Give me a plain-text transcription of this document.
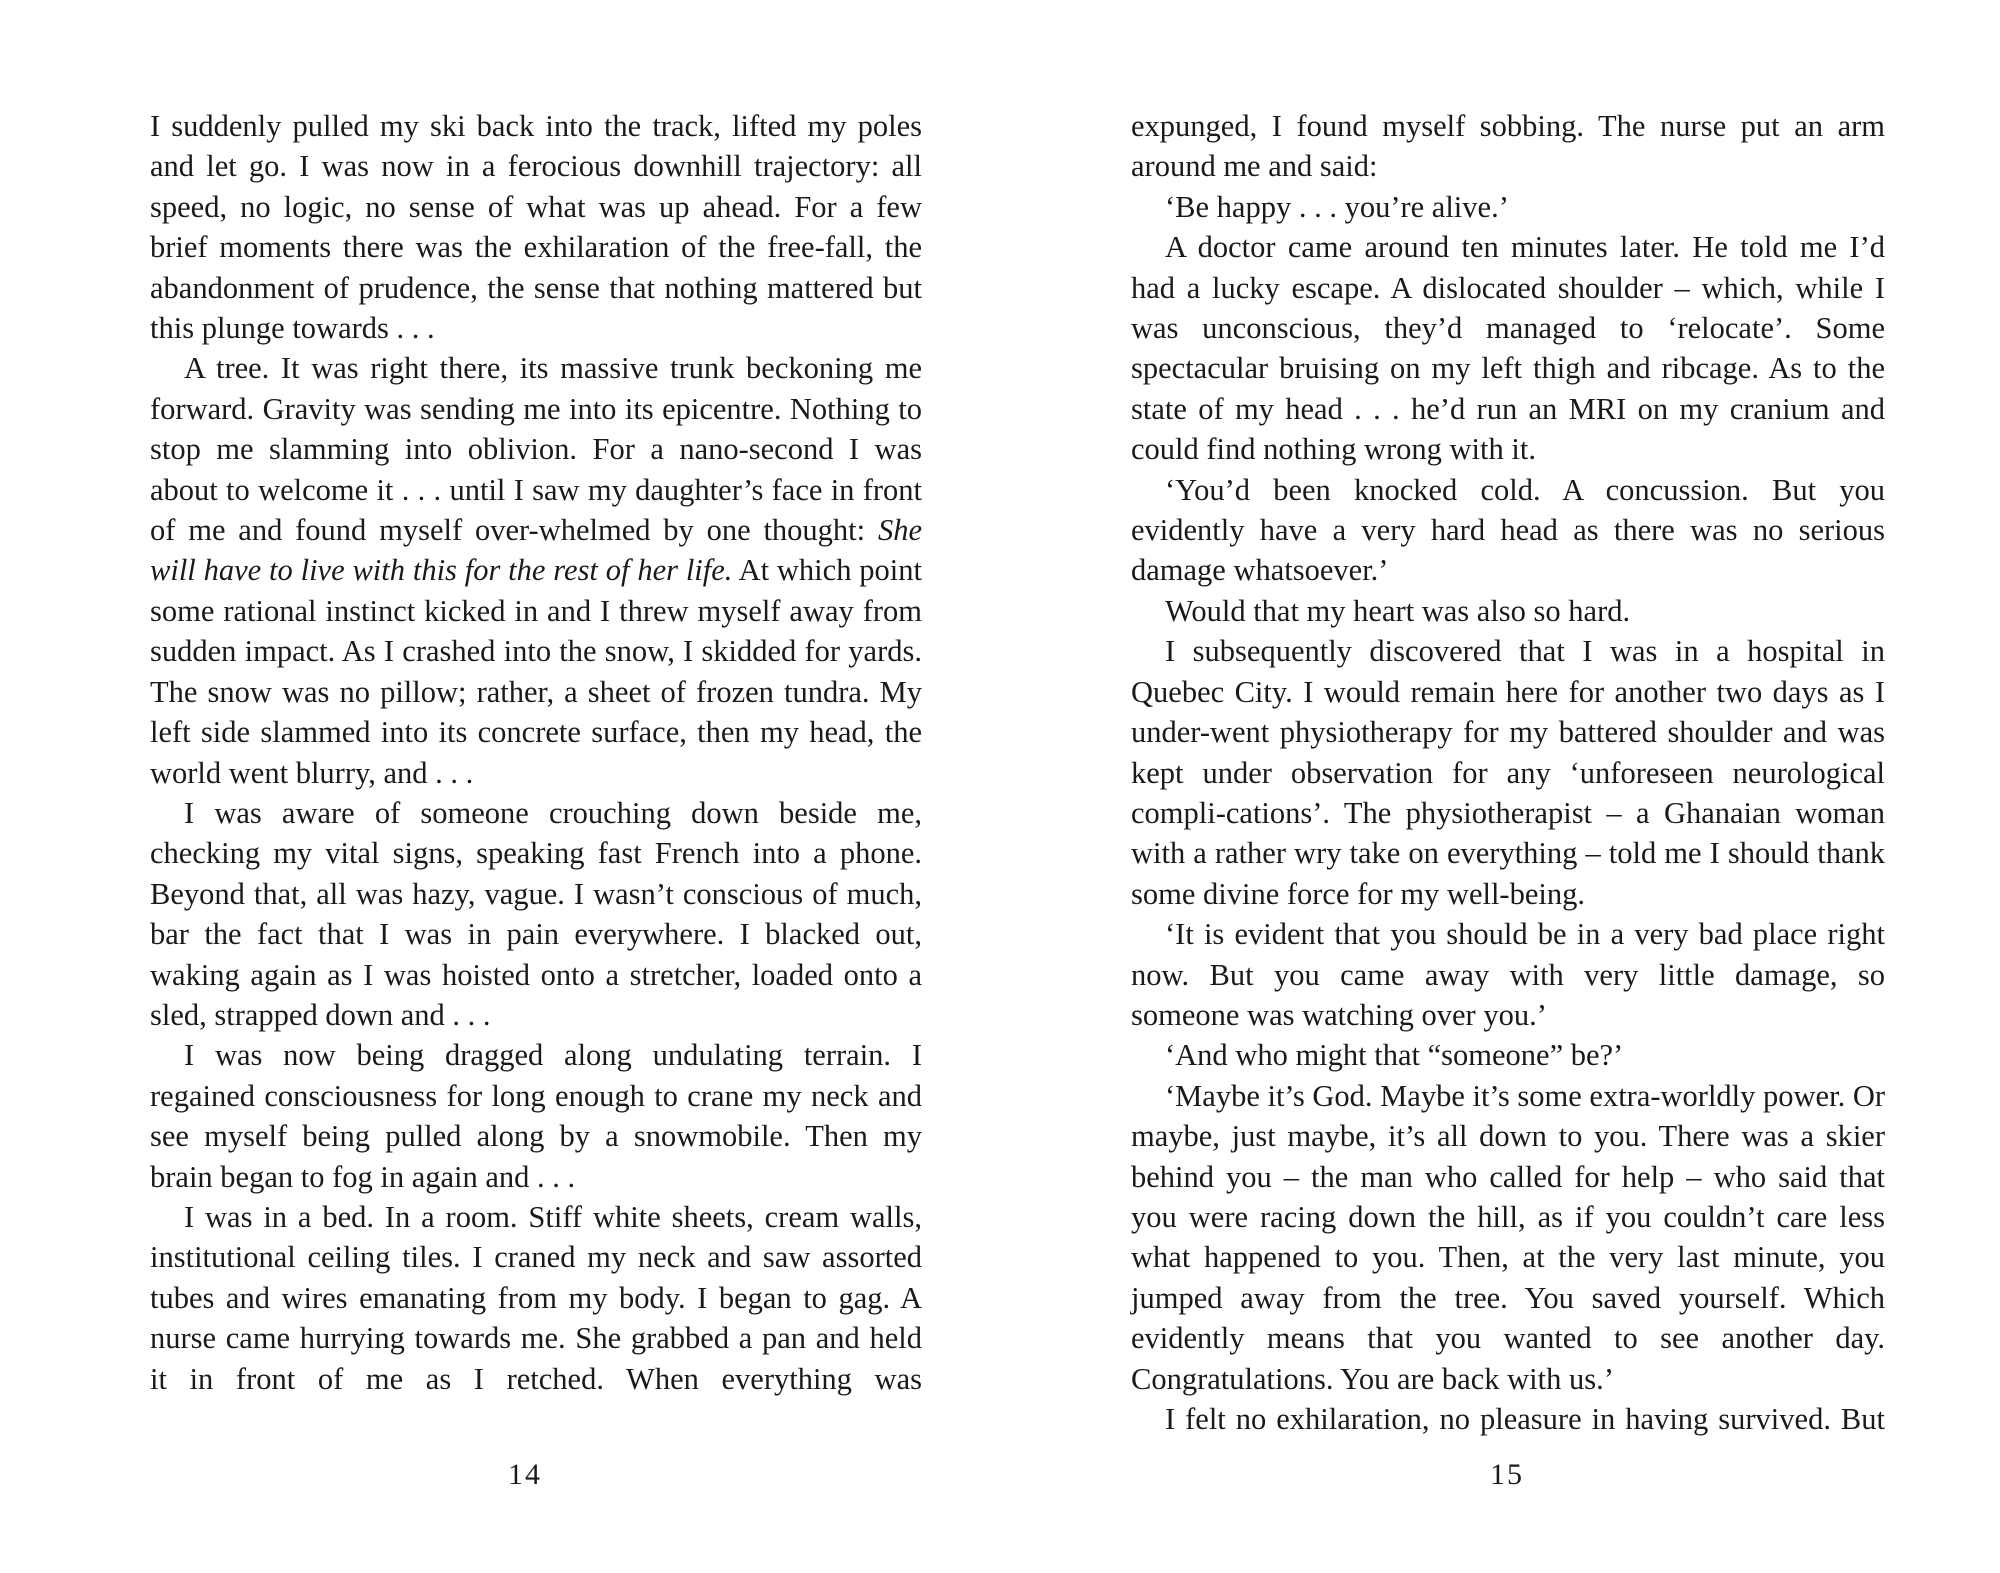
I suddenly pulled my ski back into the track, lifted my poles and let go. I was now in a ferocious downhill trajectory: all speed, no logic, no sense of what was up ahead. For a few brief moments there was the exhilaration of the free-fall, the abandonment of prudence, the sense that nothing mattered but this plunge towards . . .

A tree. It was right there, its massive trunk beckoning me forward. Gravity was sending me into its epicentre. Nothing to stop me slamming into oblivion. For a nano-second I was about to welcome it . . . until I saw my daughter’s face in front of me and found myself over-whelmed by one thought: She will have to live with this for the rest of her life. At which point some rational instinct kicked in and I threw myself away from sudden impact. As I crashed into the snow, I skidded for yards. The snow was no pillow; rather, a sheet of frozen tundra. My left side slammed into its concrete surface, then my head, the world went blurry, and . . .

I was aware of someone crouching down beside me, checking my vital signs, speaking fast French into a phone. Beyond that, all was hazy, vague. I wasn’t conscious of much, bar the fact that I was in pain everywhere. I blacked out, waking again as I was hoisted onto a stretcher, loaded onto a sled, strapped down and . . .

I was now being dragged along undulating terrain. I regained consciousness for long enough to crane my neck and see myself being pulled along by a snowmobile. Then my brain began to fog in again and . . .

I was in a bed. In a room. Stiff white sheets, cream walls, institutional ceiling tiles. I craned my neck and saw assorted tubes and wires emanating from my body. I began to gag. A nurse came hurrying towards me. She grabbed a pan and held it in front of me as I retched. When everything was

14

expunged, I found myself sobbing. The nurse put an arm around me and said:

‘Be happy . . . you’re alive.’

A doctor came around ten minutes later. He told me I’d had a lucky escape. A dislocated shoulder – which, while I was unconscious, they’d managed to ‘relocate’. Some spectacular bruising on my left thigh and ribcage. As to the state of my head . . . he’d run an MRI on my cranium and could find nothing wrong with it.

‘You’d been knocked cold. A concussion. But you evidently have a very hard head as there was no serious damage whatsoever.’

Would that my heart was also so hard.

I subsequently discovered that I was in a hospital in Quebec City. I would remain here for another two days as I under-went physiotherapy for my battered shoulder and was kept under observation for any ‘unforeseen neurological compli-cations’. The physiotherapist – a Ghanaian woman with a rather wry take on everything – told me I should thank some divine force for my well-being.

‘It is evident that you should be in a very bad place right now. But you came away with very little damage, so someone was watching over you.’

‘And who might that “someone” be?’

‘Maybe it’s God. Maybe it’s some extra-worldly power. Or maybe, just maybe, it’s all down to you. There was a skier behind you – the man who called for help – who said that you were racing down the hill, as if you couldn’t care less what happened to you. Then, at the very last minute, you jumped away from the tree. You saved yourself. Which evidently means that you wanted to see another day. Congratulations. You are back with us.’

I felt no exhilaration, no pleasure in having survived. But

15
